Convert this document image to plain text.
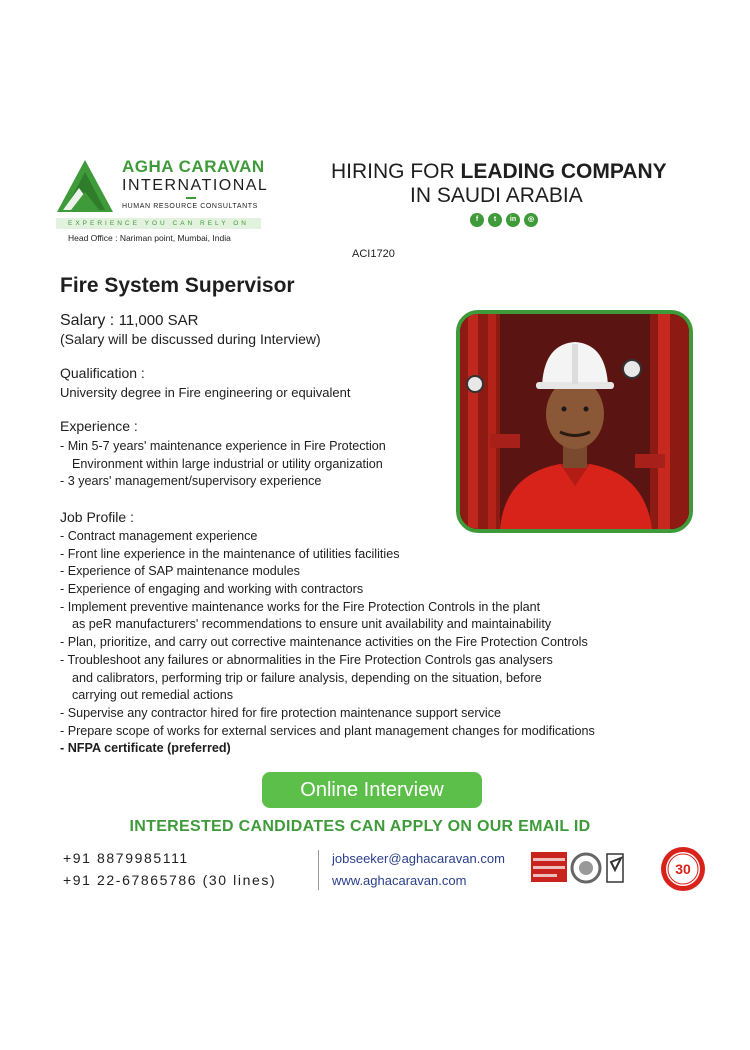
AGHA CARAVAN
INTERNATIONAL
HUMAN RESOURCE CONSULTANTS
EXPERIENCE YOU CAN RELY ON
Head Office : Nariman point, Mumbai, India
HIRING FOR LEADING COMPANY
IN SAUDI ARABIA
f	t	in	◎
ACI1720
Fire System Supervisor
Salary : 11,000 SAR
(Salary will be discussed during Interview)
Qualification :
University degree in Fire engineering or equivalent
Experience :
- Min 5-7 years' maintenance experience in Fire Protection
Environment within large industrial or utility organization
- 3 years' management/supervisory experience
Job Profile :
- Contract management experience
- Front line experience in the maintenance of utilities facilities
- Experience of SAP maintenance modules
- Experience of engaging and working with contractors
- Implement preventive maintenance works for the Fire Protection Controls in the plant
as peR manufacturers' recommendations to ensure unit availability and maintainability
- Plan, prioritize, and carry out corrective maintenance activities on the Fire Protection Controls
- Troubleshoot any failures or abnormalities in the Fire Protection Controls gas analysers
and calibrators, performing trip or failure analysis, depending on the situation, before
carrying out remedial actions
- Supervise any contractor hired for fire protection maintenance support service
- Prepare scope of works for external services and plant management changes for modifications
- NFPA certificate (preferred)
Online Interview
INTERESTED CANDIDATES CAN APPLY ON OUR EMAIL ID
+91 8879985111
+91 22-67865786 (30 lines)
jobseeker@aghacaravan.com
www.aghacaravan.com
30
